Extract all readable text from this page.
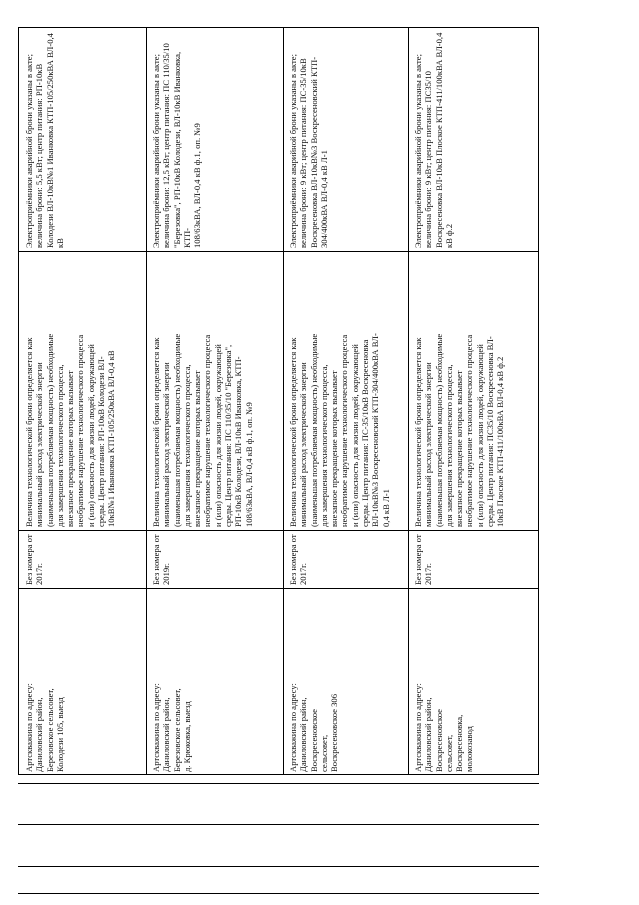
Электроприёмники аварийной брони указаны в акте;
величина брони: 5,5 кВт; центр питания: РП-10кВ
Колодези ВЛ-10кВ№1 Иванковка КТП-105/250кВА ВЛ-0,4
кВ
Величина технологической брони определяется как
минимальный расход электрической энергии
(наименьшая потребляемая мощность) необходимые
для завершения технологического процесса,
внезапное прекращение которых вызывает
необратимое нарушение технологического процесса
и (или) опасность для жизни людей, окружающей
среды. Центр питания: РП-10кВ Колодези ВЛ-
10кВ№1 Иванковка КТП-105/250кВА ВЛ-0,4 кВ
Без номера от
2017г.
Артскважина по адресу:
Даниловский район,
Березовское сельсовет,
Колодези 105, выезд
Электроприёмники аварийной брони указаны в акте;
величина брони: 12,5 кВт; центр питания: ПС 110/35/10
"Березовка", РП-10кВ Колодези, ВЛ-10кВ Иванковка, КТП-
108/63кВА, ВЛ-0,4 кВ ф.1, оп. №9
Величина технологической брони определяется как
минимальный расход электрической энергии
(наименьшая потребляемая мощность) необходимые
для завершения технологического процесса,
внезапное прекращение которых вызывает
необратимое нарушение технологического процесса
и (или) опасность для жизни людей, окружающей
среды. Центр питания: ПС 110/35/10 "Березовка",
РП-10кВ Колодези, ВЛ-10кВ Иванковка, КТП-
108/63кВА, ВЛ-0,4 кВ ф.1, оп. №9
Без номера от
2019г.
Артскважина по адресу:
Даниловский район,
Березовское сельсовет,
д. Крюковка, выезд
Электроприёмники аварийной брони указаны в акте;
величина брони: 9 кВт; центр питания: ПС-35/10кВ
Воскресеновка ВЛ-10кВ№3 Воскресеновский КТП-
304/400кВА ВЛ-0,4 кВ Л-1
Величина технологической брони определяется как
минимальный расход электрической энергии
(наименьшая потребляемая мощность) необходимые
для завершения технологического процесса,
внезапное прекращение которых вызывает
необратимое нарушение технологического процесса
и (или) опасность для жизни людей, окружающей
среды. Центр питания: ПС-35/10кВ Воскресеновка
ВЛ-10кВ№3 Воскресеновский КТП-304/400кВА ВЛ-
0,4 кВ Л-1
Без номера от
2017г.
Артскважина по адресу:
Даниловский район,
Воскресеновское
сельсовет,
Воскресеновское 306
Электроприёмники аварийной брони указаны в акте;
величина брони: 9 кВт; центр питания: ПС35/10
Воскресеновка ВЛ-10кВ Плоское КТП-411/100кВА ВЛ-0,4
кВ ф.2
Величина технологической брони определяется как
минимальный расход электрической энергии
(наименьшая потребляемая мощность) необходимые
для завершения технологического процесса,
внезапное прекращение которых вызывает
необратимое нарушение технологического процесса
и (или) опасность для жизни людей, окружающей
среды. Центр питания: ПС35/10 Воскресеновка ВЛ-
10кВ Плоское КТП-411/100кВА ВЛ-0,4 кВ ф.2
Без номера от
2017г.
Артскважина по адресу:
Даниловский район,
Воскресеновское
сельсовет,
Воскресеновка,
молокозавод
